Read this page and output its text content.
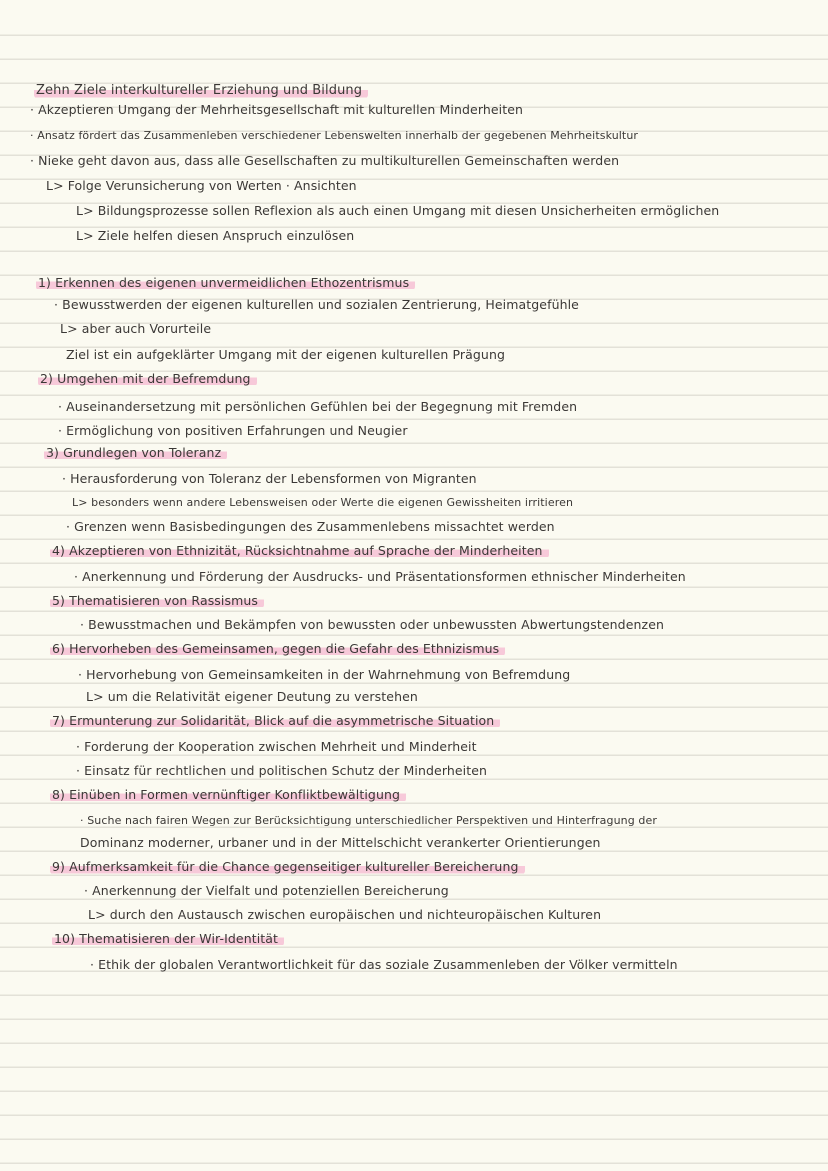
Zehn Ziele interkultureller Erziehung und Bildung
· Akzeptieren Umgang der Mehrheitsgesellschaft mit kulturellen Minderheiten
· Ansatz fördert das Zusammenleben verschiedener Lebenswelten innerhalb der gegebenen Mehrheitskultur
· Nieke geht davon aus, dass alle Gesellschaften zu multikulturellen Gemeinschaften werden
L> Folge Verunsicherung von Werten · Ansichten
L> Bildungsprozesse sollen Reflexion als auch einen Umgang mit diesen Unsicherheiten ermöglichen
L> Ziele helfen diesen Anspruch einzulösen
1) Erkennen des eigenen unvermeidlichen Ethozentrismus
· Bewusstwerden der eigenen kulturellen und sozialen Zentrierung, Heimatgefühle
L> aber auch Vorurteile
Ziel ist ein aufgeklärter Umgang mit der eigenen kulturellen Prägung
2) Umgehen mit der Befremdung
· Auseinandersetzung mit persönlichen Gefühlen bei der Begegnung mit Fremden
· Ermöglichung von positiven Erfahrungen und Neugier
3) Grundlegen von Toleranz
· Herausforderung von Toleranz der Lebensformen von Migranten
L> besonders wenn andere Lebensweisen oder Werte die eigenen Gewissheiten irritieren
· Grenzen wenn Basisbedingungen des Zusammenlebens missachtet werden
4) Akzeptieren von Ethnizität, Rücksichtnahme auf Sprache der Minderheiten
· Anerkennung und Förderung der Ausdrucks- und Präsentationsformen ethnischer Minderheiten
5) Thematisieren von Rassismus
· Bewusstmachen und Bekämpfen von bewussten oder unbewussten Abwertungstendenzen
6) Hervorheben des Gemeinsamen, gegen die Gefahr des Ethnizismus
· Hervorhebung von Gemeinsamkeiten in der Wahrnehmung von Befremdung
L> um die Relativität eigener Deutung zu verstehen
7) Ermunterung zur Solidarität, Blick auf die asymmetrische Situation
· Forderung der Kooperation zwischen Mehrheit und Minderheit
· Einsatz für rechtlichen und politischen Schutz der Minderheiten
8) Einüben in Formen vernünftiger Konfliktbewältigung
· Suche nach fairen Wegen zur Berücksichtigung unterschiedlicher Perspektiven und Hinterfragung der
Dominanz moderner, urbaner und in der Mittelschicht verankerter Orientierungen
9) Aufmerksamkeit für die Chance gegenseitiger kultureller Bereicherung
· Anerkennung der Vielfalt und potenziellen Bereicherung
L> durch den Austausch zwischen europäischen und nichteuropäischen Kulturen
10) Thematisieren der Wir-Identität
· Ethik der globalen Verantwortlichkeit für das soziale Zusammenleben der Völker vermitteln
